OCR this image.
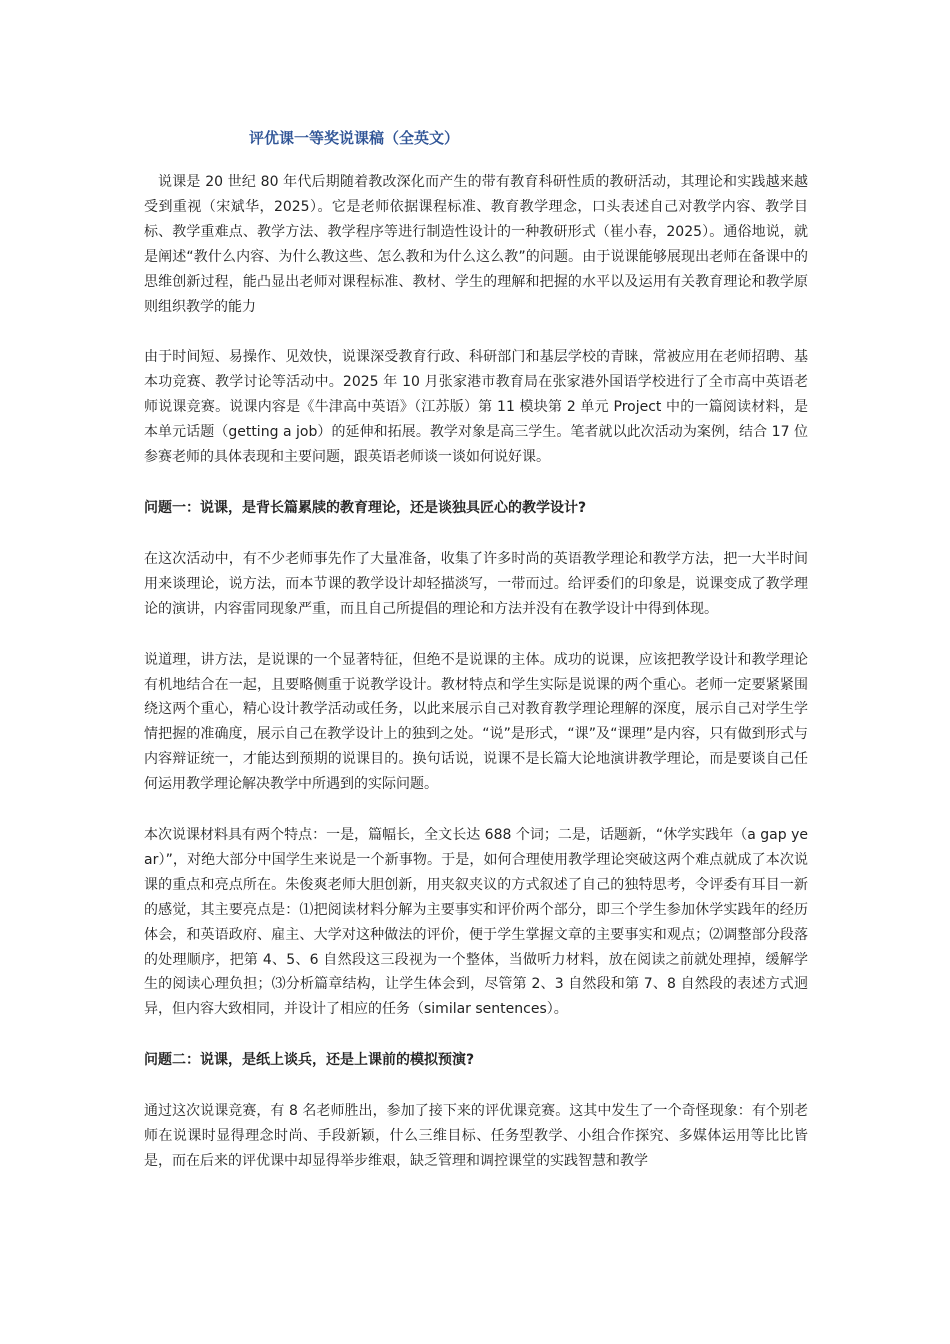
评优课一等奖说课稿（全英文）

说课是 20 世纪 80 年代后期随着教改深化而产生的带有教育科研性质的教研活动，其理论和实践越来越受到重视（宋斌华，2025）。它是老师依据课程标准、教育教学理念，口头表述自己对教学内容、教学目标、教学重难点、教学方法、教学程序等进行制造性设计的一种教研形式（崔小春，2025）。通俗地说，就是阐述“教什么内容、为什么教这些、怎么教和为什么这么教”的问题。由于说课能够展现出老师在备课中的思维创新过程，能凸显出老师对课程标准、教材、学生的理解和把握的水平以及运用有关教育理论和教学原则组织教学的能力

由于时间短、易操作、见效快，说课深受教育行政、科研部门和基层学校的青睐，常被应用在老师招聘、基本功竞赛、教学讨论等活动中。2025 年 10 月张家港市教育局在张家港外国语学校进行了全市高中英语老师说课竞赛。说课内容是《牛津高中英语》（江苏版）第 11 模块第 2 单元 Project 中的一篇阅读材料，是本单元话题（getting a job）的延伸和拓展。教学对象是高三学生。笔者就以此次活动为案例，结合 17 位参赛老师的具体表现和主要问题，跟英语老师谈一谈如何说好课。

问题一：说课，是背长篇累牍的教育理论，还是谈独具匠心的教学设计?

在这次活动中，有不少老师事先作了大量准备，收集了许多时尚的英语教学理论和教学方法，把一大半时间用来谈理论，说方法，而本节课的教学设计却轻描淡写，一带而过。给评委们的印象是，说课变成了教学理论的演讲，内容雷同现象严重，而且自己所提倡的理论和方法并没有在教学设计中得到体现。

说道理，讲方法，是说课的一个显著特征，但绝不是说课的主体。成功的说课，应该把教学设计和教学理论有机地结合在一起，且要略侧重于说教学设计。教材特点和学生实际是说课的两个重心。老师一定要紧紧围绕这两个重心，精心设计教学活动或任务，以此来展示自己对教育教学理论理解的深度，展示自己对学生学情把握的准确度，展示自己在教学设计上的独到之处。“说”是形式，“课”及“课理”是内容，只有做到形式与内容辩证统一，才能达到预期的说课目的。换句话说，说课不是长篇大论地演讲教学理论，而是要谈自己任何运用教学理论解决教学中所遇到的实际问题。

本次说课材料具有两个特点：一是，篇幅长，全文长达 688 个词；二是，话题新，“休学实践年（a gap year）”，对绝大部分中国学生来说是一个新事物。于是，如何合理使用教学理论突破这两个难点就成了本次说课的重点和亮点所在。朱俊爽老师大胆创新，用夹叙夹议的方式叙述了自己的独特思考，令评委有耳目一新的感觉，其主要亮点是：⑴把阅读材料分解为主要事实和评价两个部分，即三个学生参加休学实践年的经历体会，和英语政府、雇主、大学对这种做法的评价，便于学生掌握文章的主要事实和观点；⑵调整部分段落的处理顺序，把第 4、5、6 自然段这三段视为一个整体，当做听力材料，放在阅读之前就处理掉，缓解学生的阅读心理负担；⑶分析篇章结构，让学生体会到，尽管第 2、3 自然段和第 7、8 自然段的表述方式迥异，但内容大致相同，并设计了相应的任务（similar sentences）。

问题二：说课，是纸上谈兵，还是上课前的模拟预演?

通过这次说课竞赛，有 8 名老师胜出，参加了接下来的评优课竞赛。这其中发生了一个奇怪现象：有个别老师在说课时显得理念时尚、手段新颖，什么三维目标、任务型教学、小组合作探究、多媒体运用等比比皆是，而在后来的评优课中却显得举步维艰，缺乏管理和调控课堂的实践智慧和教学
